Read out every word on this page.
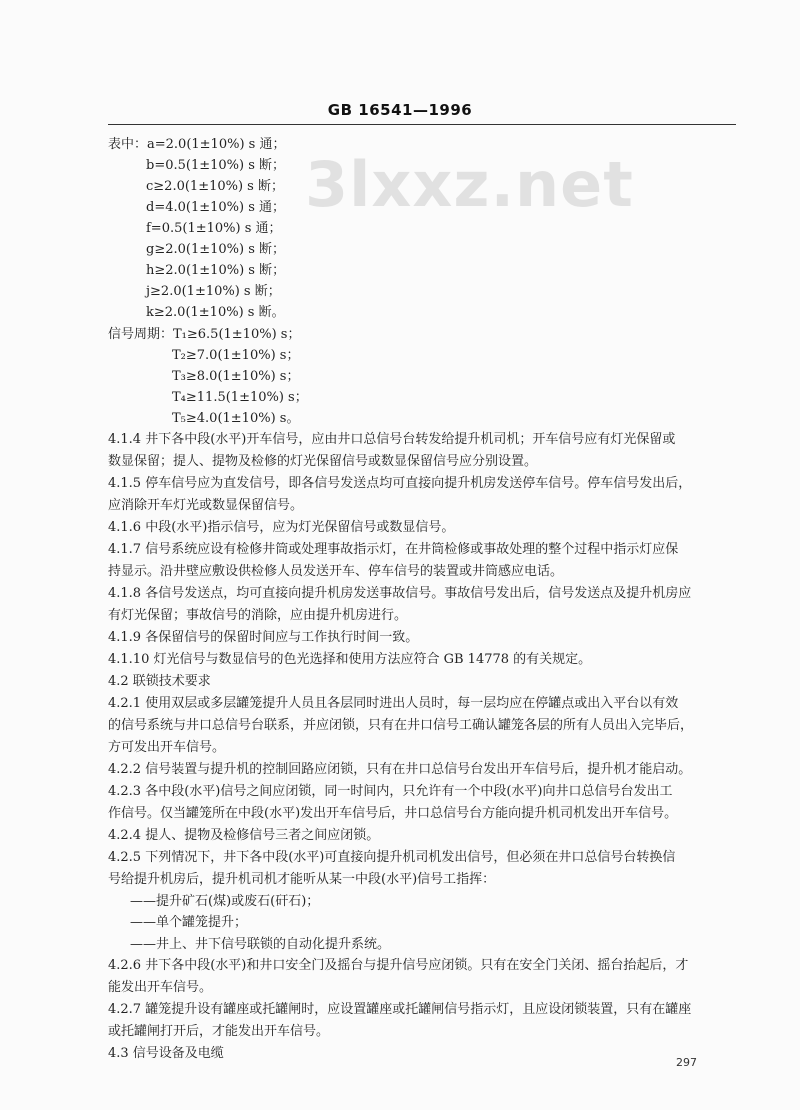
GB 16541—1996
3lxxz.net
表中：a=2.0(1±10%) s 通；
b=0.5(1±10%) s 断；
c≥2.0(1±10%) s 断；
d=4.0(1±10%) s 通；
f=0.5(1±10%) s 通；
g≥2.0(1±10%) s 断；
h≥2.0(1±10%) s 断；
j≥2.0(1±10%) s 断；
k≥2.0(1±10%) s 断。
信号周期：T₁≥6.5(1±10%) s；
T₂≥7.0(1±10%) s；
T₃≥8.0(1±10%) s；
T₄≥11.5(1±10%) s；
T₅≥4.0(1±10%) s。
4.1.4 井下各中段(水平)开车信号，应由井口总信号台转发给提升机司机；开车信号应有灯光保留或
数显保留；提人、提物及检修的灯光保留信号或数显保留信号应分别设置。
4.1.5 停车信号应为直发信号，即各信号发送点均可直接向提升机房发送停车信号。停车信号发出后，
应消除开车灯光或数显保留信号。
4.1.6 中段(水平)指示信号，应为灯光保留信号或数显信号。
4.1.7 信号系统应设有检修井筒或处理事故指示灯，在井筒检修或事故处理的整个过程中指示灯应保
持显示。沿井壁应敷设供检修人员发送开车、停车信号的装置或井筒感应电话。
4.1.8 各信号发送点，均可直接向提升机房发送事故信号。事故信号发出后，信号发送点及提升机房应
有灯光保留；事故信号的消除，应由提升机房进行。
4.1.9 各保留信号的保留时间应与工作执行时间一致。
4.1.10 灯光信号与数显信号的色光选择和使用方法应符合 GB 14778 的有关规定。
4.2 联锁技术要求
4.2.1 使用双层或多层罐笼提升人员且各层同时进出人员时，每一层均应在停罐点或出入平台以有效
的信号系统与井口总信号台联系，并应闭锁，只有在井口信号工确认罐笼各层的所有人员出入完毕后，
方可发出开车信号。
4.2.2 信号装置与提升机的控制回路应闭锁，只有在井口总信号台发出开车信号后，提升机才能启动。
4.2.3 各中段(水平)信号之间应闭锁，同一时间内，只允许有一个中段(水平)向井口总信号台发出工
作信号。仅当罐笼所在中段(水平)发出开车信号后，井口总信号台方能向提升机司机发出开车信号。
4.2.4 提人、提物及检修信号三者之间应闭锁。
4.2.5 下列情况下，井下各中段(水平)可直接向提升机司机发出信号，但必须在井口总信号台转换信
号给提升机房后，提升机司机才能听从某一中段(水平)信号工指挥：
——提升矿石(煤)或废石(矸石)；
——单个罐笼提升；
——井上、井下信号联锁的自动化提升系统。
4.2.6 井下各中段(水平)和井口安全门及摇台与提升信号应闭锁。只有在安全门关闭、摇台抬起后，才
能发出开车信号。
4.2.7 罐笼提升设有罐座或托罐闸时，应设置罐座或托罐闸信号指示灯，且应设闭锁装置，只有在罐座
或托罐闸打开后，才能发出开车信号。
4.3 信号设备及电缆
297
